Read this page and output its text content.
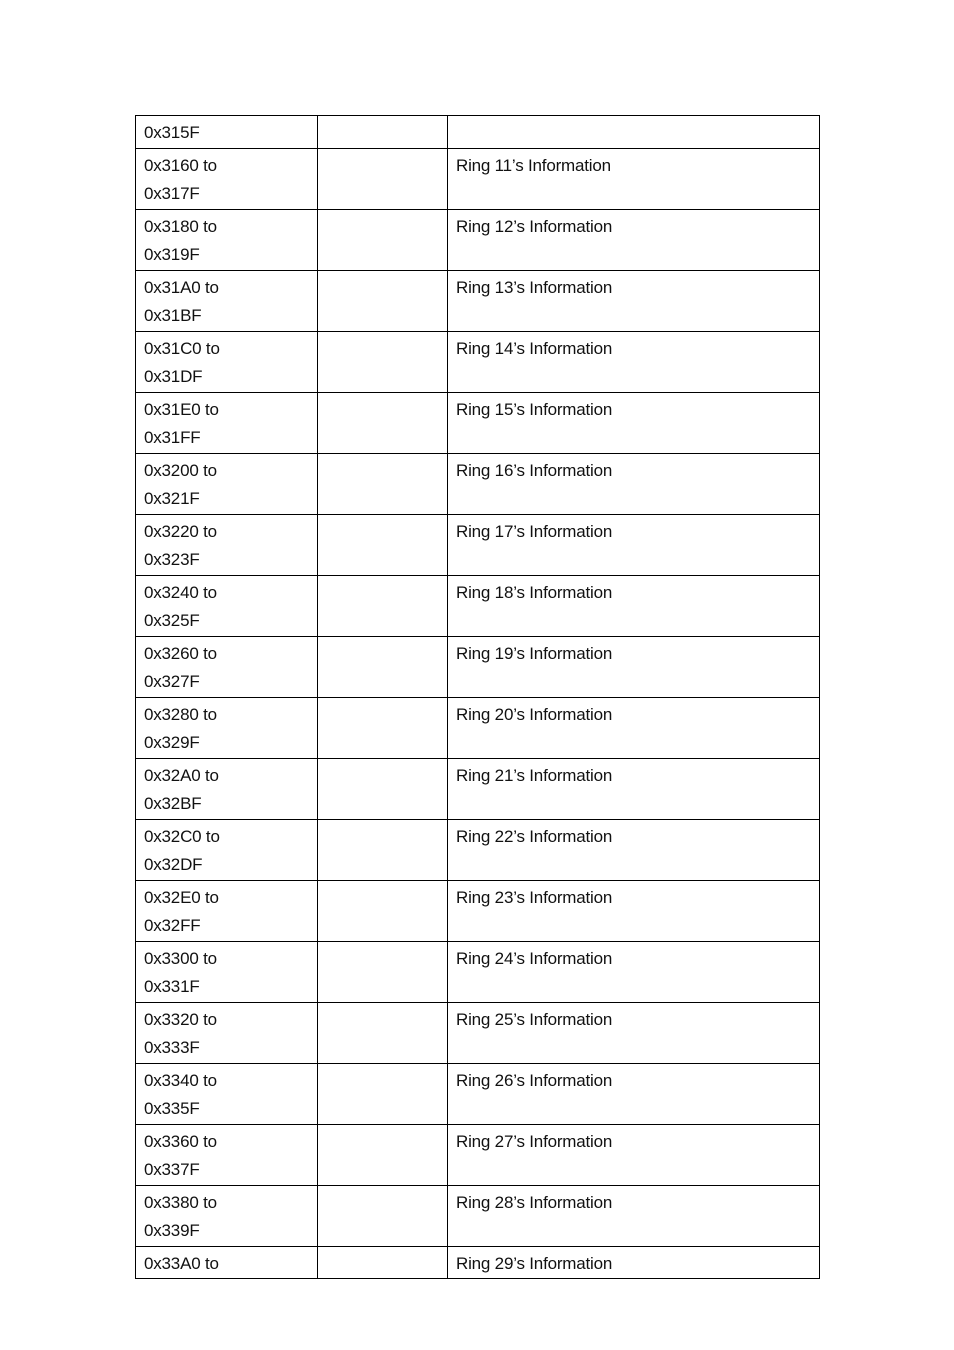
0x315F		

0x3160 to
0x317F		Ring 11’s Information

0x3180 to
0x319F		Ring 12’s Information

0x31A0 to
0x31BF		Ring 13’s Information

0x31C0 to
0x31DF		Ring 14’s Information

0x31E0 to
0x31FF		Ring 15’s Information

0x3200 to
0x321F		Ring 16’s Information

0x3220 to
0x323F		Ring 17’s Information

0x3240 to
0x325F		Ring 18’s Information

0x3260 to
0x327F		Ring 19’s Information

0x3280 to
0x329F		Ring 20’s Information

0x32A0 to
0x32BF		Ring 21’s Information

0x32C0 to
0x32DF		Ring 22’s Information

0x32E0 to
0x32FF		Ring 23’s Information

0x3300 to
0x331F		Ring 24’s Information

0x3320 to
0x333F		Ring 25’s Information

0x3340 to
0x335F		Ring 26’s Information

0x3360 to
0x337F		Ring 27’s Information

0x3380 to
0x339F		Ring 28’s Information

0x33A0 to		Ring 29’s Information
